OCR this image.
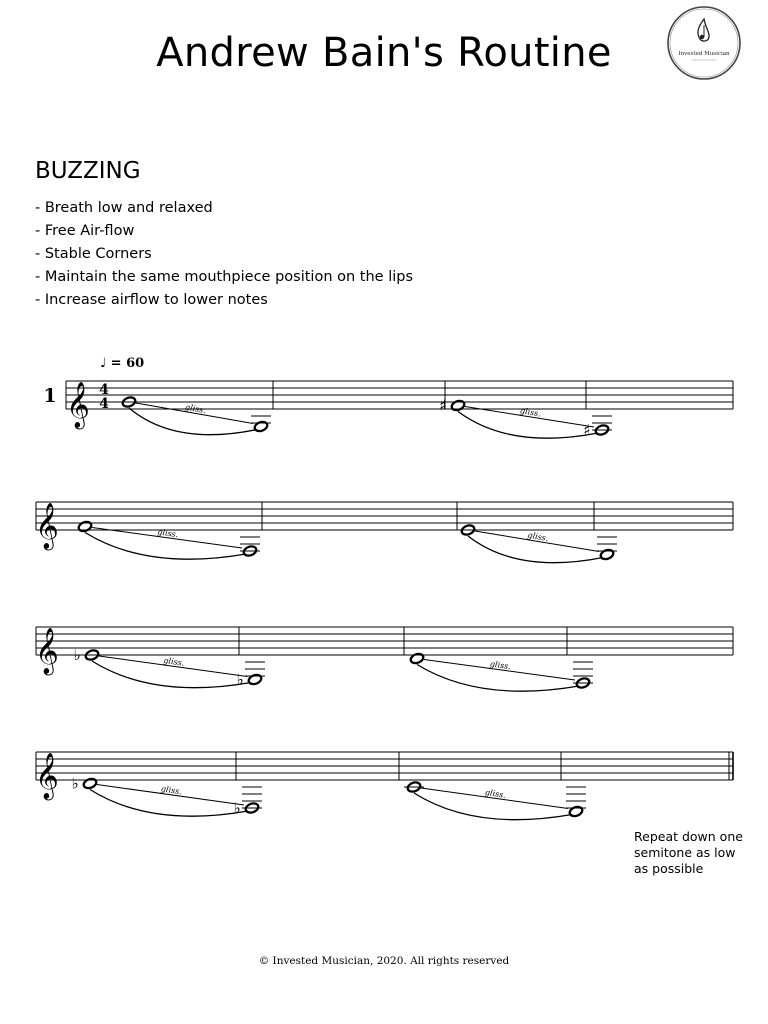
Andrew Bain's Routine	Invested Musician
BUZZING
- Breath low and relaxed
- Free Air-flow
- Stable Corners
- Maintain the same mouthpiece position on the lips
- Increase airflow to lower notes
𝄞
1	4
4
♩ = 60
gliss.	♯
♯
gliss.
𝄞	gliss.	gliss.
𝄞 ♭
♭
gliss.	gliss.
𝄞 ♭
♭
gliss.	gliss.
Repeat down one
semitone as low
as possible
© Invested Musician, 2020. All rights reserved
